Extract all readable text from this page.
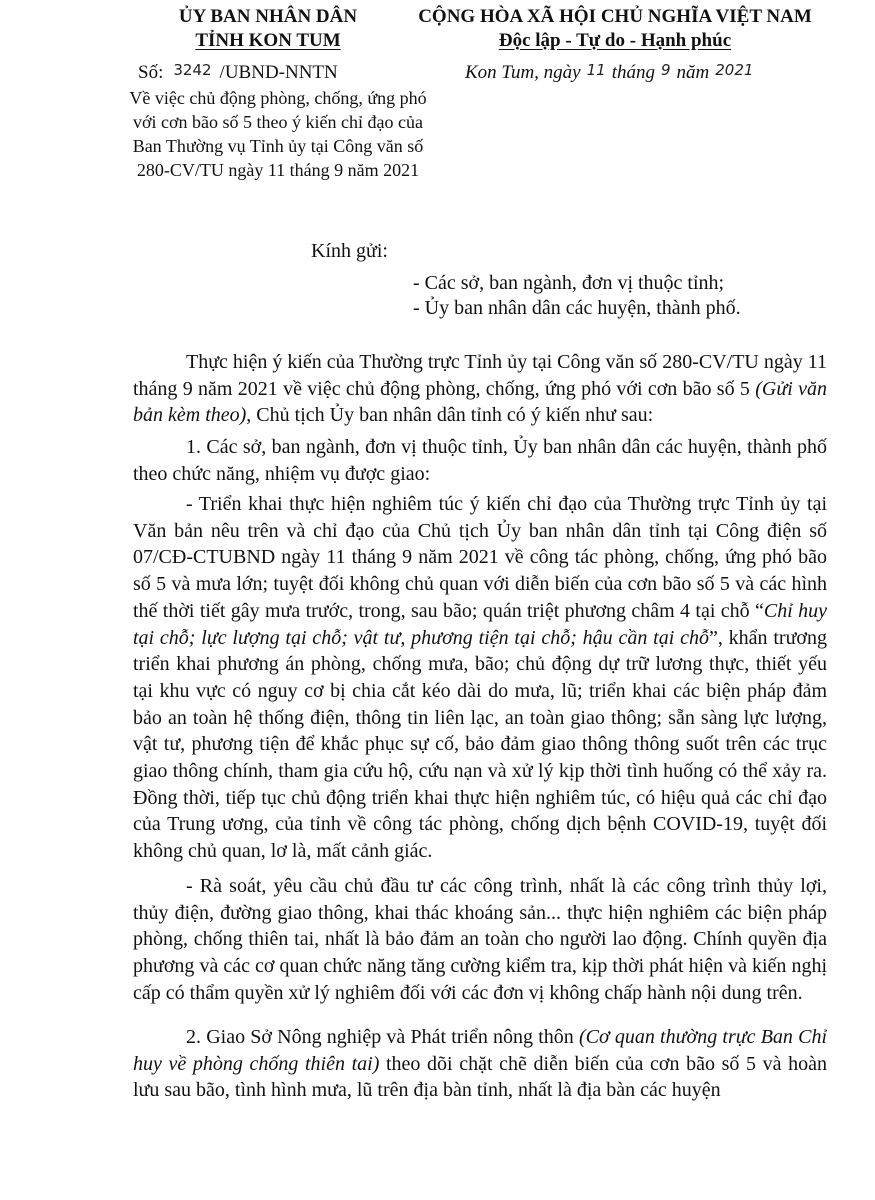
ỦY BAN NHÂN DÂN
TỈNH KON TUM
CỘNG HÒA XÃ HỘI CHỦ NGHĨA VIỆT NAM
Độc lập - Tự do - Hạnh phúc
Số: 3242 /UBND-NNTN	Kon Tum, ngày 11 tháng 9 năm 2021
Về việc chủ động phòng, chống, ứng phó với cơn bão số 5 theo ý kiến chỉ đạo của Ban Thường vụ Tỉnh ủy tại Công văn số 280-CV/TU ngày 11 tháng 9 năm 2021
Kính gửi:
- Các sở, ban ngành, đơn vị thuộc tỉnh;
- Ủy ban nhân dân các huyện, thành phố.
Thực hiện ý kiến của Thường trực Tỉnh ủy tại Công văn số 280-CV/TU ngày 11 tháng 9 năm 2021 về việc chủ động phòng, chống, ứng phó với cơn bão số 5 (Gửi văn bản kèm theo), Chủ tịch Ủy ban nhân dân tỉnh có ý kiến như sau:
1. Các sở, ban ngành, đơn vị thuộc tỉnh, Ủy ban nhân dân các huyện, thành phố theo chức năng, nhiệm vụ được giao:
- Triển khai thực hiện nghiêm túc ý kiến chỉ đạo của Thường trực Tỉnh ủy tại Văn bản nêu trên và chỉ đạo của Chủ tịch Ủy ban nhân dân tỉnh tại Công điện số 07/CĐ-CTUBND ngày 11 tháng 9 năm 2021 về công tác phòng, chống, ứng phó bão số 5 và mưa lớn; tuyệt đối không chủ quan với diễn biến của cơn bão số 5 và các hình thế thời tiết gây mưa trước, trong, sau bão; quán triệt phương châm 4 tại chỗ “Chỉ huy tại chỗ; lực lượng tại chỗ; vật tư, phương tiện tại chỗ; hậu cần tại chỗ”, khẩn trương triển khai phương án phòng, chống mưa, bão; chủ động dự trữ lương thực, thiết yếu tại khu vực có nguy cơ bị chia cắt kéo dài do mưa, lũ; triển khai các biện pháp đảm bảo an toàn hệ thống điện, thông tin liên lạc, an toàn giao thông; sẵn sàng lực lượng, vật tư, phương tiện để khắc phục sự cố, bảo đảm giao thông thông suốt trên các trục giao thông chính, tham gia cứu hộ, cứu nạn và xử lý kịp thời tình huống có thể xảy ra. Đồng thời, tiếp tục chủ động triển khai thực hiện nghiêm túc, có hiệu quả các chỉ đạo của Trung ương, của tỉnh về công tác phòng, chống dịch bệnh COVID-19, tuyệt đối không chủ quan, lơ là, mất cảnh giác.
- Rà soát, yêu cầu chủ đầu tư các công trình, nhất là các công trình thủy lợi, thủy điện, đường giao thông, khai thác khoáng sản... thực hiện nghiêm các biện pháp phòng, chống thiên tai, nhất là bảo đảm an toàn cho người lao động. Chính quyền địa phương và các cơ quan chức năng tăng cường kiểm tra, kịp thời phát hiện và kiến nghị cấp có thẩm quyền xử lý nghiêm đối với các đơn vị không chấp hành nội dung trên.
2. Giao Sở Nông nghiệp và Phát triển nông thôn (Cơ quan thường trực Ban Chỉ huy về phòng chống thiên tai) theo dõi chặt chẽ diễn biến của cơn bão số 5 và hoàn lưu sau bão, tình hình mưa, lũ trên địa bàn tỉnh, nhất là địa bàn các huyện
